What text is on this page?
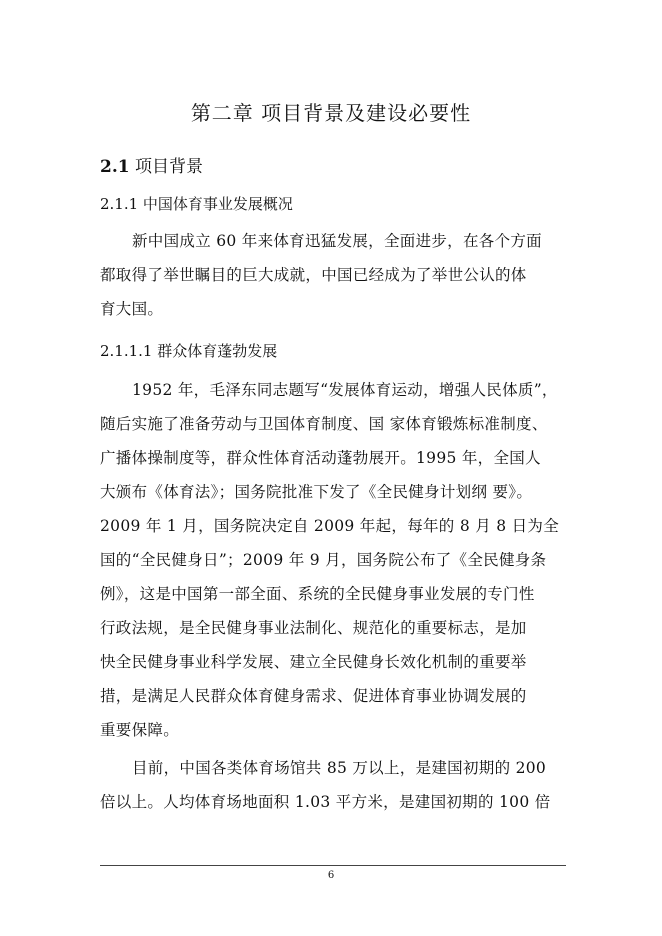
第二章 项目背景及建设必要性
2.1 项目背景
2.1.1 中国体育事业发展概况
新中国成立 60 年来体育迅猛发展，全面进步，在各个方面
都取得了举世瞩目的巨大成就，中国已经成为了举世公认的体
育大国。
2.1.1.1 群众体育蓬勃发展
1952 年，毛泽东同志题写“发展体育运动，增强人民体质”，
随后实施了准备劳动与卫国体育制度、国 家体育锻炼标准制度、
广播体操制度等，群众性体育活动蓬勃展开。1995 年，全国人
大颁布《体育法》；国务院批准下发了《全民健身计划纲 要》。
2009 年 1 月，国务院决定自 2009 年起，每年的 8 月 8 日为全
国的“全民健身日”；2009 年 9 月，国务院公布了《全民健身条
例》，这是中国第一部全面、系统的全民健身事业发展的专门性
行政法规，是全民健身事业法制化、规范化的重要标志，是加
快全民健身事业科学发展、建立全民健身长效化机制的重要举
措，是满足人民群众体育健身需求、促进体育事业协调发展的
重要保障。
目前，中国各类体育场馆共 85 万以上，是建国初期的 200
倍以上。人均体育场地面积 1.03 平方米，是建国初期的 100 倍
6
